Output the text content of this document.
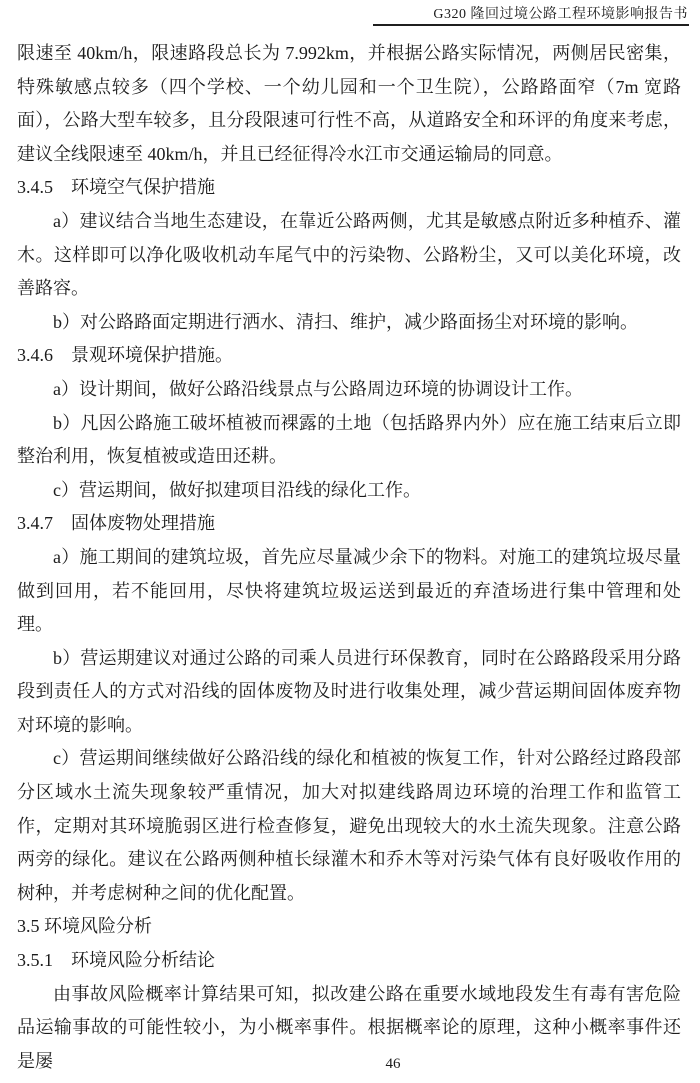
G320 隆回过境公路工程环境影响报告书

限速至 40km/h，限速路段总长为 7.992km，并根据公路实际情况，两侧居民密集，特殊敏感点较多（四个学校、一个幼儿园和一个卫生院），公路路面窄（7m 宽路面），公路大型车较多，且分段限速可行性不高，从道路安全和环评的角度来考虑，建议全线限速至 40km/h，并且已经征得冷水江市交通运输局的同意。

3.4.5　环境空气保护措施

a）建议结合当地生态建设，在靠近公路两侧，尤其是敏感点附近多种植乔、灌木。这样即可以净化吸收机动车尾气中的污染物、公路粉尘，又可以美化环境，改善路容。

b）对公路路面定期进行洒水、清扫、维护，减少路面扬尘对环境的影响。

3.4.6　景观环境保护措施。

a）设计期间，做好公路沿线景点与公路周边环境的协调设计工作。

b）凡因公路施工破坏植被而裸露的土地（包括路界内外）应在施工结束后立即整治利用，恢复植被或造田还耕。

c）营运期间，做好拟建项目沿线的绿化工作。

3.4.7　固体废物处理措施

a）施工期间的建筑垃圾，首先应尽量减少余下的物料。对施工的建筑垃圾尽量做到回用，若不能回用，尽快将建筑垃圾运送到最近的弃渣场进行集中管理和处理。

b）营运期建议对通过公路的司乘人员进行环保教育，同时在公路路段采用分路段到责任人的方式对沿线的固体废物及时进行收集处理，减少营运期间固体废弃物对环境的影响。

c）营运期间继续做好公路沿线的绿化和植被的恢复工作，针对公路经过路段部分区域水土流失现象较严重情况，加大对拟建线路周边环境的治理工作和监管工作，定期对其环境脆弱区进行检查修复，避免出现较大的水土流失现象。注意公路两旁的绿化。建议在公路两侧种植长绿灌木和乔木等对污染气体有良好吸收作用的树种，并考虑树种之间的优化配置。

3.5 环境风险分析
3.5.1　环境风险分析结论

由事故风险概率计算结果可知，拟改建公路在重要水域地段发生有毒有害危险品运输事故的可能性较小，为小概率事件。根据概率论的原理，这种小概率事件还是屡	46
